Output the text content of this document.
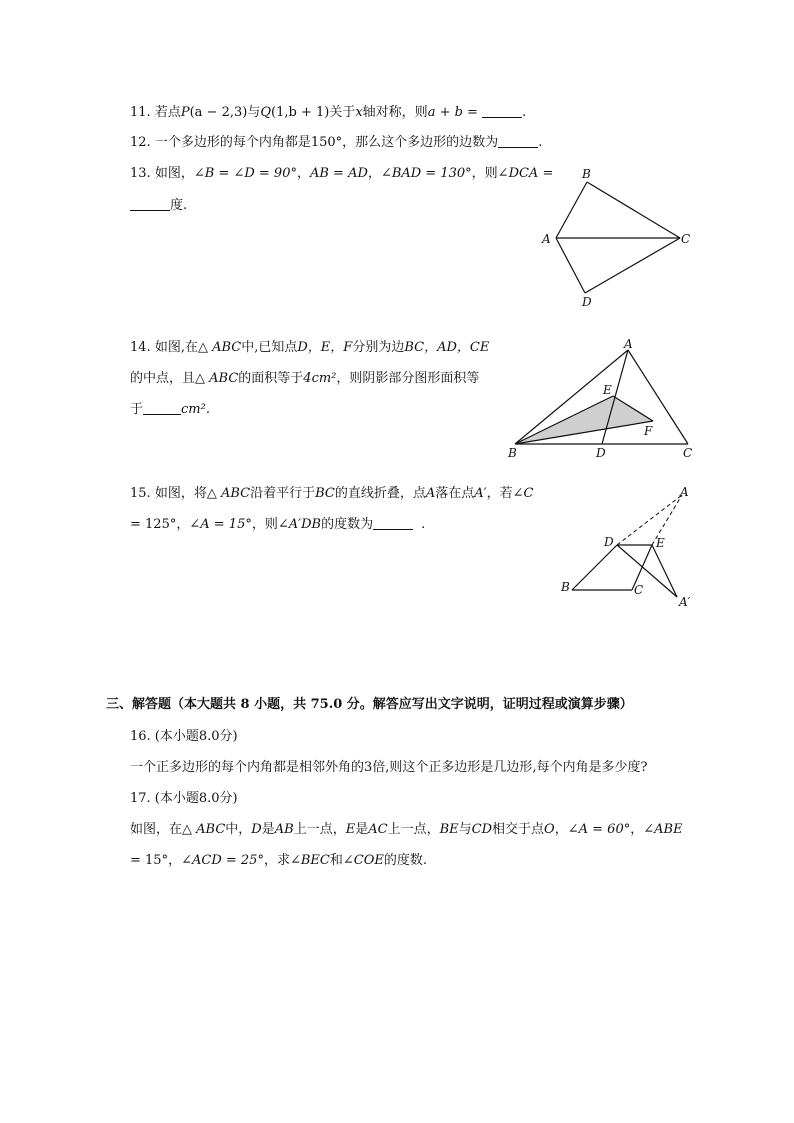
11. 若点P(a − 2,3)与Q(1,b + 1)关于x轴对称，则a + b =	.
12. 一个多边形的每个内角都是150°，那么这个多边形的边数为	.
13. 如图，∠B = ∠D = 90°，AB = AD，∠BAD = 130°，则∠DCA =
度.
B
A	C
D
14. 如图,在△ ABC中,已知点D，E，F分别为边BC，AD，CE
的中点，且△ ABC的面积等于4cm²，则阴影部分图形面积等
于	cm².
A
E
F
B	D	C
15. 如图，将△ ABC沿着平行于BC的直线折叠，点A落在点A′，若∠C
= 125°，∠A = 15°，则∠A′DB的度数为	.
A
D	E
B	C
A′
三、解答题（本大题共 8 小题，共 75.0 分。解答应写出文字说明，证明过程或演算步骤）
16. (本小题8.0分)
一个正多边形的每个内角都是相邻外角的3倍,则这个正多边形是几边形,每个内角是多少度?
17. (本小题8.0分)
如图，在△ ABC中，D是AB上一点，E是AC上一点，BE与CD相交于点O，∠A = 60°，∠ABE
= 15°，∠ACD = 25°，求∠BEC和∠COE的度数.
